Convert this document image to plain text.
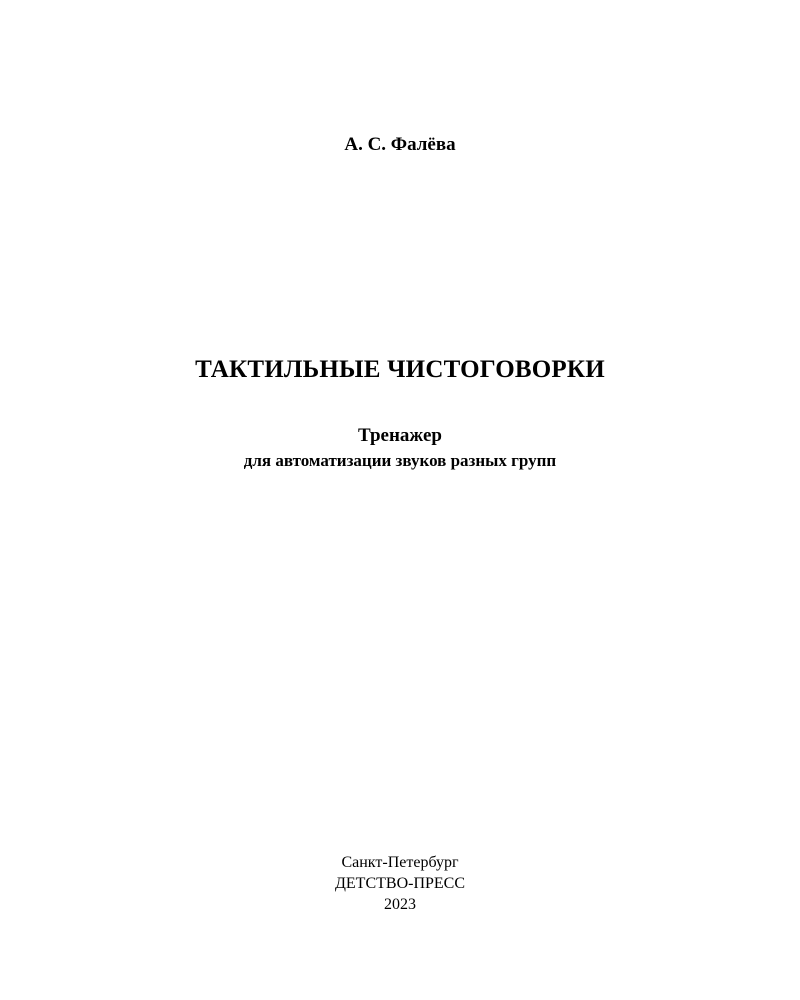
А. С. Фалёва
ТАКТИЛЬНЫЕ ЧИСТОГОВОРКИ
Тренажер
для автоматизации звуков разных групп
Санкт-Петербург
ДЕТСТВО-ПРЕСС
2023
